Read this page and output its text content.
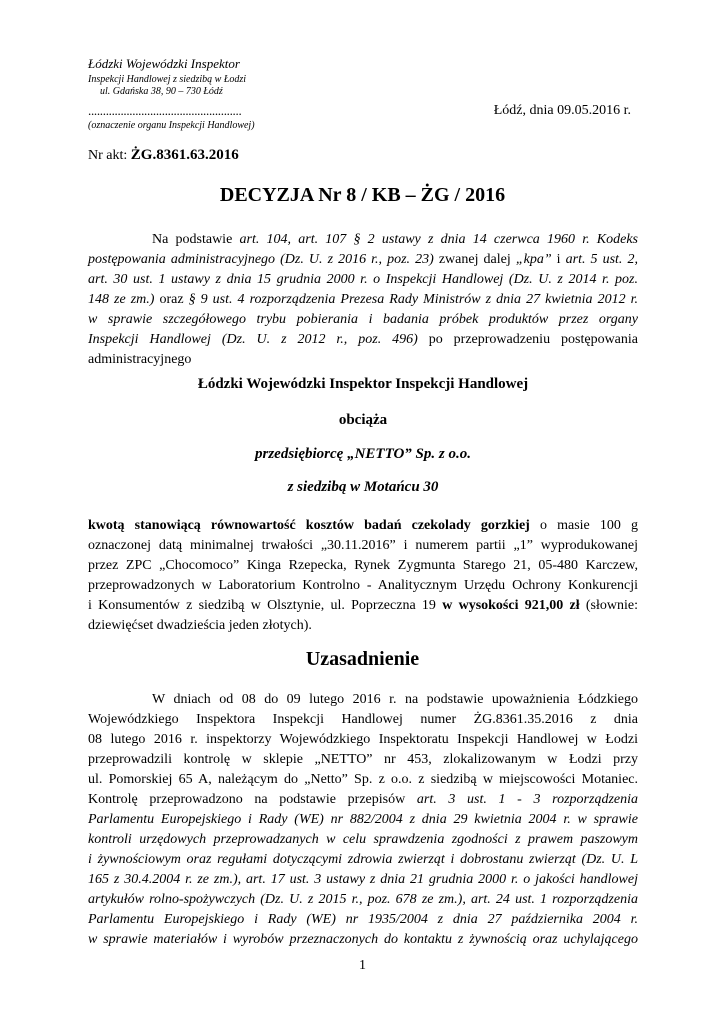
Łódzki Wojewódzki Inspektor
Inspekcji Handlowej z siedzibą w Łodzi
ul. Gdańska 38, 90 – 730 Łódź
....................................................
(oznaczenie organu Inspekcji Handlowej)
Łódź, dnia 09.05.2016 r.
Nr akt: ŻG.8361.63.2016
DECYZJA Nr 8 / KB – ŻG / 2016
Na podstawie art. 104, art. 107 § 2 ustawy z dnia 14 czerwca 1960 r. Kodeks
postępowania administracyjnego (Dz. U. z 2016 r., poz. 23) zwanej dalej „kpa” i art. 5 ust. 2,
art. 30 ust. 1 ustawy z dnia 15 grudnia 2000 r. o Inspekcji Handlowej (Dz. U. z 2014 r. poz.
148 ze zm.) oraz § 9 ust. 4 rozporządzenia Prezesa Rady Ministrów z dnia 27 kwietnia 2012 r.
w sprawie szczegółowego trybu pobierania i badania próbek produktów przez organy
Inspekcji Handlowej (Dz. U. z 2012 r., poz. 496) po przeprowadzeniu postępowania
administracyjnego
Łódzki Wojewódzki Inspektor Inspekcji Handlowej
obciąża
przedsiębiorcę „NETTO” Sp. z o.o.
z siedzibą w Motańcu 30
kwotą stanowiącą równowartość kosztów badań czekolady gorzkiej o masie 100 g
oznaczonej datą minimalnej trwałości „30.11.2016” i numerem partii „1” wyprodukowanej
przez ZPC „Chocomoco” Kinga Rzepecka, Rynek Zygmunta Starego 21, 05-480 Karczew,
przeprowadzonych w Laboratorium Kontrolno - Analitycznym Urzędu Ochrony Konkurencji
i Konsumentów z siedzibą w Olsztynie, ul. Poprzeczna 19 w wysokości 921,00 zł (słownie:
dziewięćset dwadzieścia jeden złotych).
Uzasadnienie
W dniach od 08 do 09 lutego 2016 r. na podstawie upoważnienia Łódzkiego
Wojewódzkiego Inspektora Inspekcji Handlowej numer ŻG.8361.35.2016 z dnia
08 lutego 2016 r. inspektorzy Wojewódzkiego Inspektoratu Inspekcji Handlowej w Łodzi
przeprowadzili kontrolę w sklepie „NETTO” nr 453, zlokalizowanym w Łodzi przy
ul. Pomorskiej 65 A, należącym do „Netto” Sp. z o.o. z siedzibą w miejscowości Motaniec.
Kontrolę przeprowadzono na podstawie przepisów art. 3 ust. 1 - 3 rozporządzenia
Parlamentu Europejskiego i Rady (WE) nr 882/2004 z dnia 29 kwietnia 2004 r. w sprawie
kontroli urzędowych przeprowadzanych w celu sprawdzenia zgodności z prawem paszowym
i żywnościowym oraz regułami dotyczącymi zdrowia zwierząt i dobrostanu zwierząt (Dz. U. L
165 z 30.4.2004 r. ze zm.), art. 17 ust. 3 ustawy z dnia 21 grudnia 2000 r. o jakości handlowej
artykułów rolno-spożywczych (Dz. U. z 2015 r., poz. 678 ze zm.), art. 24 ust. 1 rozporządzenia
Parlamentu Europejskiego i Rady (WE) nr 1935/2004 z dnia 27 października 2004 r.
w sprawie materiałów i wyrobów przeznaczonych do kontaktu z żywnością oraz uchylającego
1
